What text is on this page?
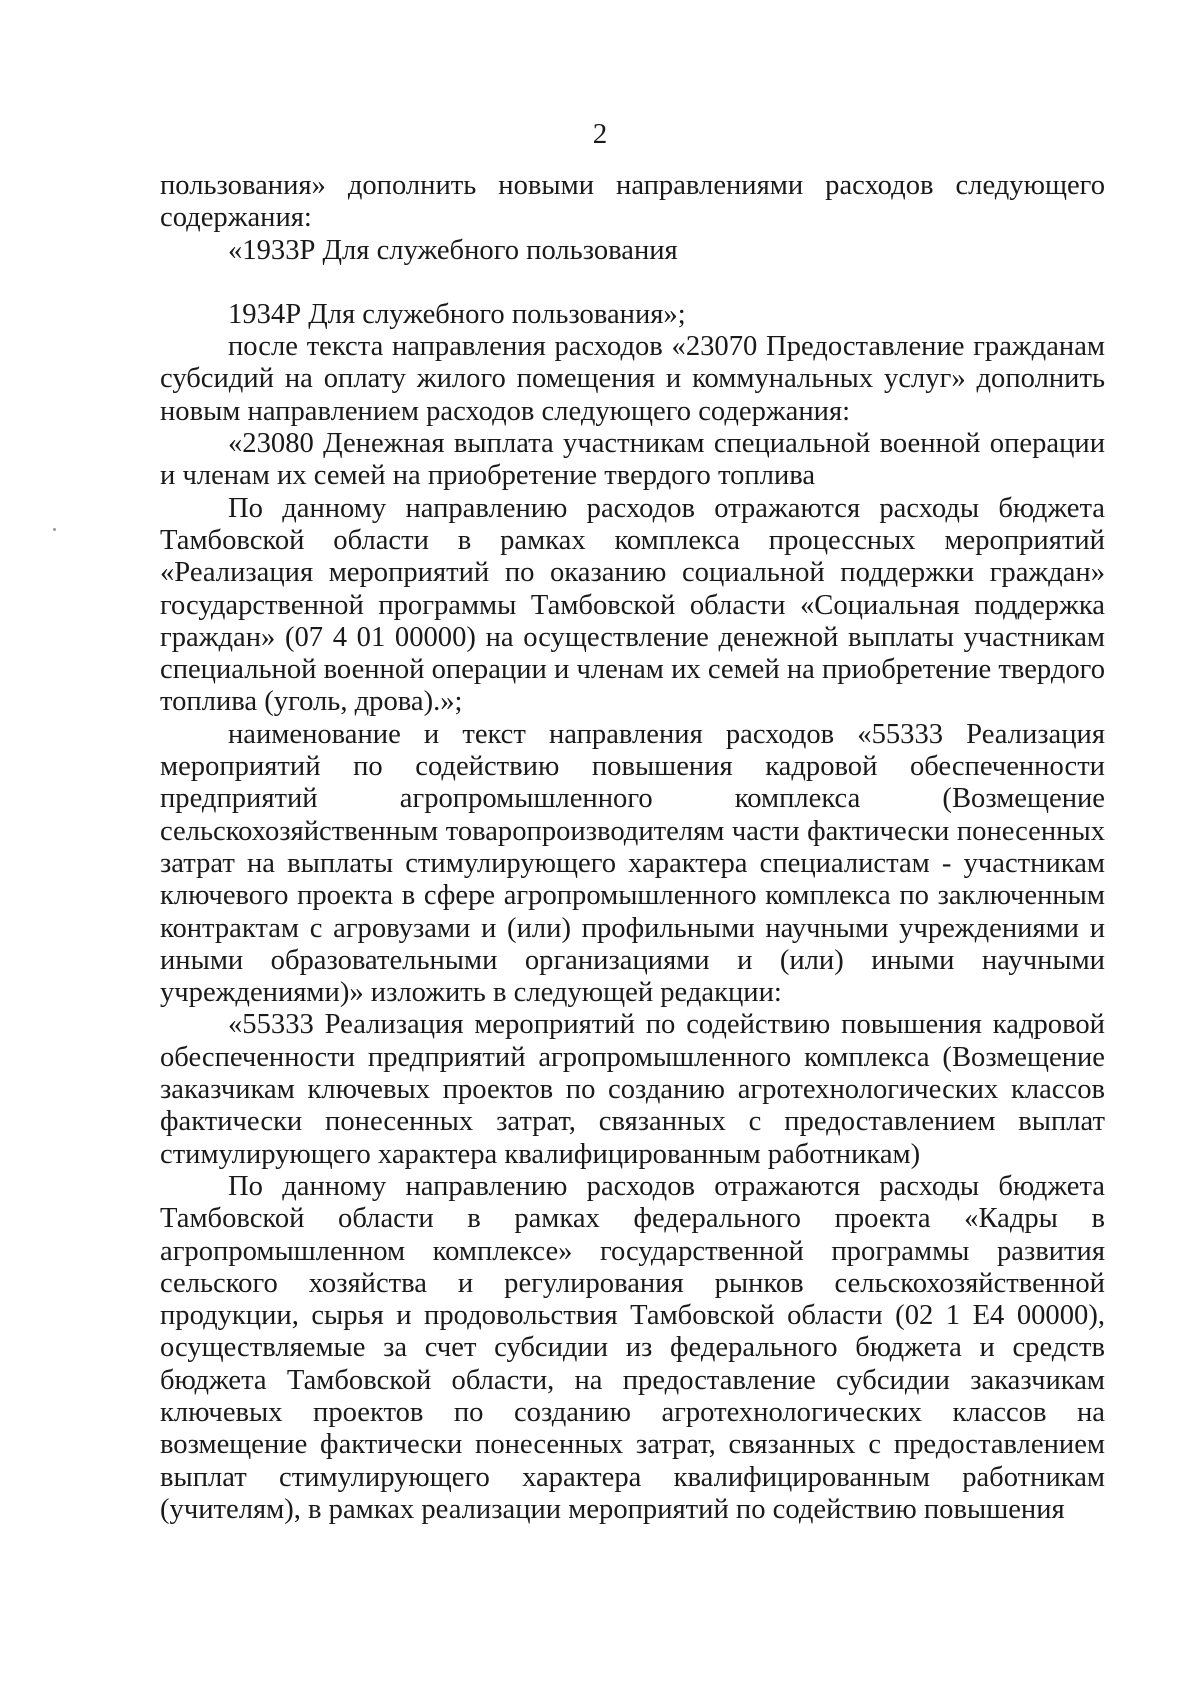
2

пользования» дополнить новыми направлениями расходов следующего содержания:

«1933Р Для служебного пользования

1934Р Для служебного пользования»;

после текста направления расходов «23070 Предоставление гражданам субсидий на оплату жилого помещения и коммунальных услуг» дополнить новым направлением расходов следующего содержания:

«23080 Денежная выплата участникам специальной военной операции и членам их семей на приобретение твердого топлива

По данному направлению расходов отражаются расходы бюджета Тамбовской области в рамках комплекса процессных мероприятий «Реализация мероприятий по оказанию социальной поддержки граждан» государственной программы Тамбовской области «Социальная поддержка граждан» (07 4 01 00000) на осуществление денежной выплаты участникам специальной военной операции и членам их семей на приобретение твердого топлива (уголь, дрова).»;

наименование и текст направления расходов «55333 Реализация мероприятий по содействию повышения кадровой обеспеченности предприятий агропромышленного комплекса (Возмещение сельскохозяйственным товаропроизводителям части фактически понесенных затрат на выплаты стимулирующего характера специалистам - участникам ключевого проекта в сфере агропромышленного комплекса по заключенным контрактам с агровузами и (или) профильными научными учреждениями и иными образовательными организациями и (или) иными научными учреждениями)» изложить в следующей редакции:

«55333 Реализация мероприятий по содействию повышения кадровой обеспеченности предприятий агропромышленного комплекса (Возмещение заказчикам ключевых проектов по созданию агротехнологических классов фактически понесенных затрат, связанных с предоставлением выплат стимулирующего характера квалифицированным работникам)

По данному направлению расходов отражаются расходы бюджета Тамбовской области в рамках федерального проекта «Кадры в агропромышленном комплексе» государственной программы развития сельского хозяйства и регулирования рынков сельскохозяйственной продукции, сырья и продовольствия Тамбовской области (02 1 Е4 00000), осуществляемые за счет субсидии из федерального бюджета и средств бюджета Тамбовской области, на предоставление субсидии заказчикам ключевых проектов по созданию агротехнологических классов на возмещение фактически понесенных затрат, связанных с предоставлением выплат стимулирующего характера квалифицированным работникам (учителям), в рамках реализации мероприятий по содействию повышения
